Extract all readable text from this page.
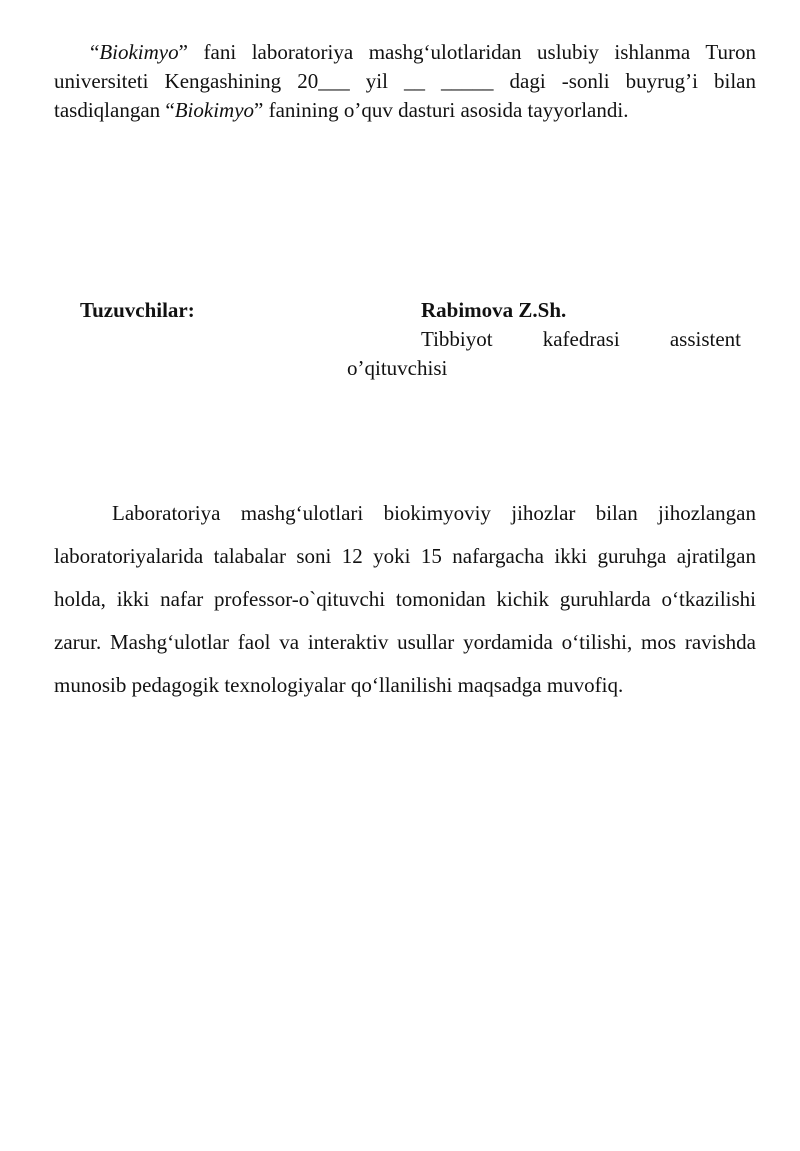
“Biokimyo” fani laboratoriya mashg‘ulotlaridan uslubiy ishlanma Turon universiteti Kengashining 20___ yil __ _____ dagi -sonli buyrug’i bilan tasdiqlangan “Biokimyo” fanining o’quv dasturi asosida tayyorlandi.

Tuzuvchilar:	Rabimova Z.Sh.

Tibbiyot kafedrasi assistent
o’qituvchisi

Laboratoriya mashg‘ulotlari biokimyoviy jihozlar bilan jihozlangan laboratoriyalarida talabalar soni 12 yoki 15 nafargacha ikki guruhga ajratilgan holda, ikki nafar professor-o`qituvchi tomonidan kichik guruhlarda o‘tkazilishi zarur. Mashg‘ulotlar faol va interaktiv usullar yordamida o‘tilishi, mos ravishda munosib pedagogik texnologiyalar qo‘llanilishi maqsadga muvofiq.
